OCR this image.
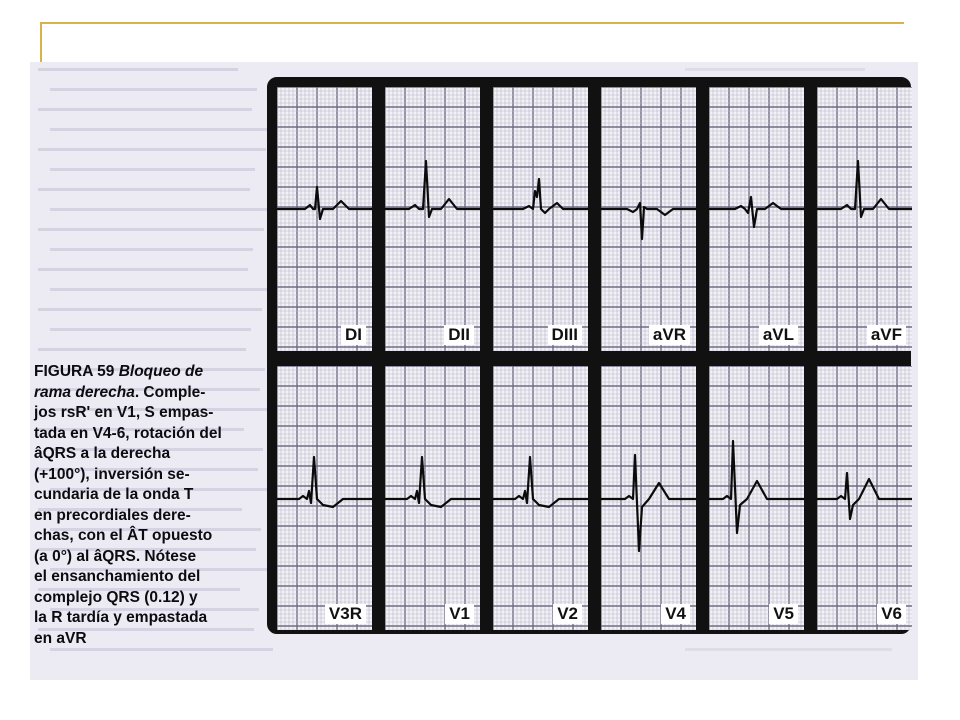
FIGURA 59 Bloqueo de
rama derecha. Comple-
jos rsR' en V1, S empas-
tada en V4-6, rotación del
âQRS a la derecha
(+100°), inversión se-
cundaria de la onda T
en precordiales dere-
chas, con el ÂT opuesto
(a 0°) al âQRS. Nótese
el ensanchamiento del
complejo QRS (0.12) y
la R tardía y empastada
en aVR
DI	DII	DIII	aVR	aVL	aVF
V3R	V1	V2	V4	V5	V6
